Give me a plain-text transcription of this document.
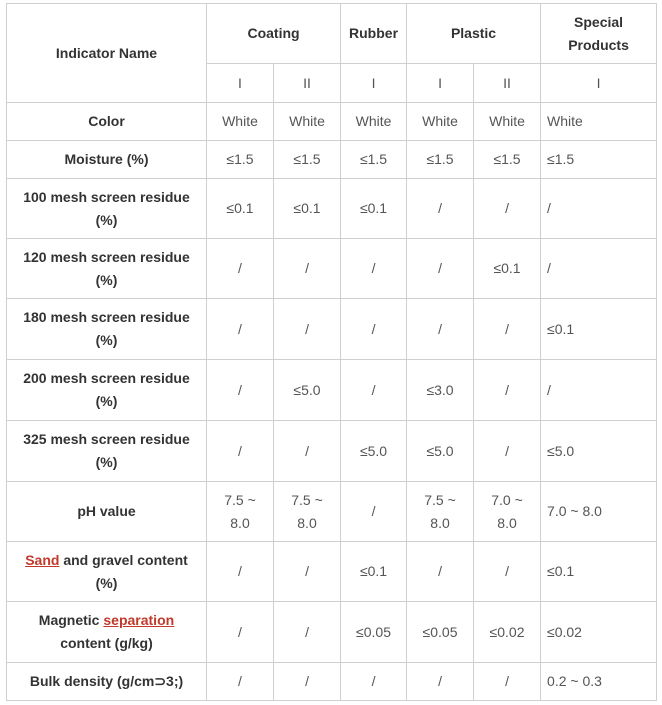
Indicator Name	Coating		Rubber	Plastic		Special Products
	I	II	I	I	II	I
Color	White	White	White	White	White	White
Moisture (%)	≤1.5	≤1.5	≤1.5	≤1.5	≤1.5	≤1.5
100 mesh screen residue (%)	≤0.1	≤0.1	≤0.1	/	/	/
120 mesh screen residue (%)	/	/	/	/	≤0.1	/
180 mesh screen residue (%)	/	/	/	/	/	≤0.1
200 mesh screen residue (%)	/	≤5.0	/	≤3.0	/	/
325 mesh screen residue (%)	/	/	≤5.0	≤5.0	/	≤5.0
pH value	7.5 ~ 8.0	7.5 ~ 8.0	/	7.5 ~ 8.0	7.0 ~ 8.0	7.0 ~ 8.0
Sand and gravel content (%)	/	/	≤0.1	/	/	≤0.1
Magnetic separation content (g/kg)	/	/	≤0.05	≤0.05	≤0.02	≤0.02
Bulk density (g/cm⊃3;)	/	/	/	/	/	0.2 ~ 0.3
